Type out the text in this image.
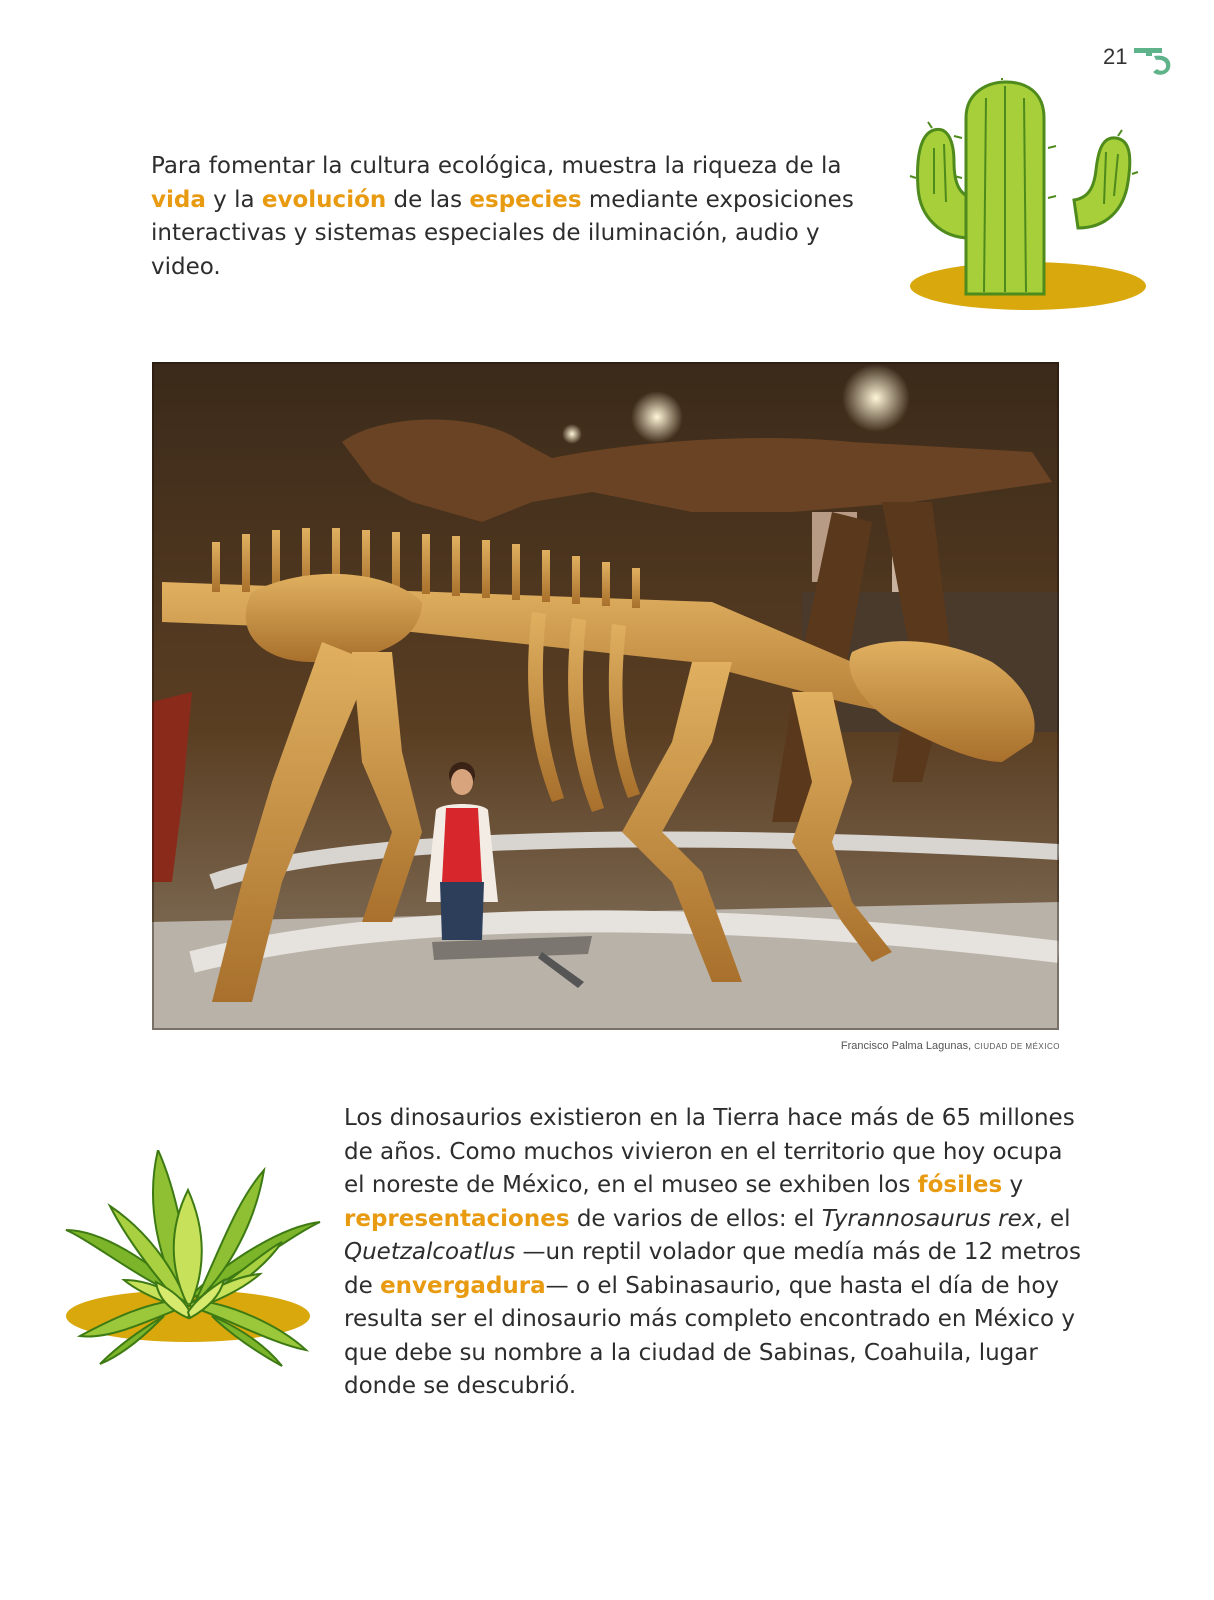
21

Para fomentar la cultura ecológica, muestra la riqueza de la vida y la evolución de las especies mediante exposiciones interactivas y sistemas especiales de iluminación, audio y video.

Francisco Palma Lagunas, CIUDAD DE MÉXICO

Los dinosaurios existieron en la Tierra hace más de 65 millones de años. Como muchos vivieron en el territorio que hoy ocupa el noreste de México, en el museo se exhiben los fósiles y representaciones de varios de ellos: el Tyrannosaurus rex, el Quetzalcoatlus —un reptil volador que medía más de 12 metros de envergadura— o el Sabinasaurio, que hasta el día de hoy resulta ser el dinosaurio más completo encontrado en México y que debe su nombre a la ciudad de Sabinas, Coahuila, lugar donde se descubrió.
